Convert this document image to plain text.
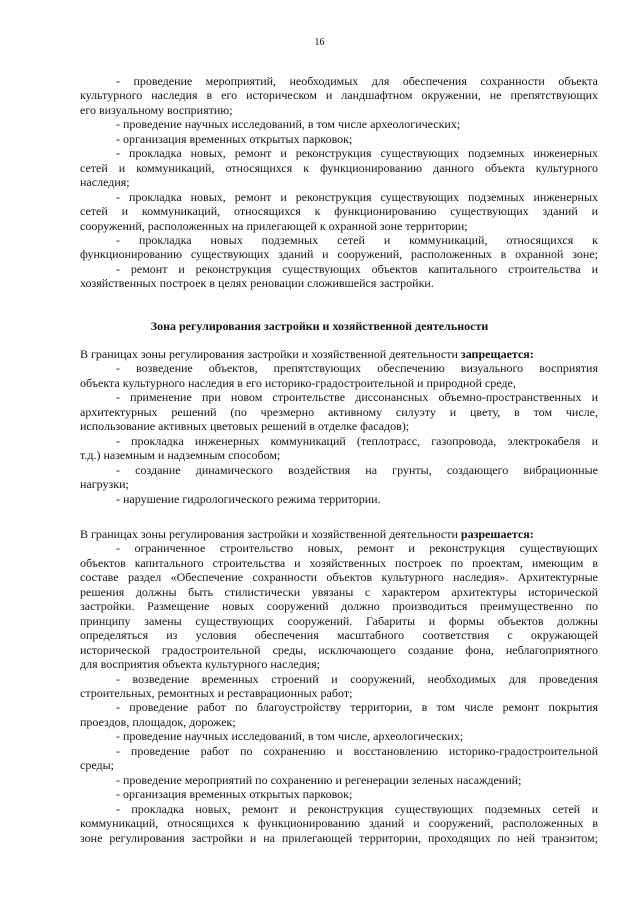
16
- проведение мероприятий, необходимых для обеспечения сохранности объекта
культурного наследия в его историческом и ландшафтном окружении, не препятствующих
его визуальному восприятию;
- проведение научных исследований, в том числе археологических;
- организация временных открытых парковок;
- прокладка новых, ремонт и реконструкция существующих подземных инженерных
сетей и коммуникаций, относящихся к функционированию данного объекта культурного
наследия;
- прокладка новых, ремонт и реконструкция существующих подземных инженерных
сетей и коммуникаций, относящихся к функционированию существующих зданий и
сооружений, расположенных на прилегающей к охранной зоне территории;
- прокладка новых подземных сетей и коммуникаций, относящихся к
функционированию существующих зданий и сооружений, расположенных в охранной зоне;
- ремонт и реконструкция существующих объектов капитального строительства и
хозяйственных построек в целях реновации сложившейся застройки.
Зона регулирования застройки и хозяйственной деятельности
В границах зоны регулирования застройки и хозяйственной деятельности запрещается:
- возведение объектов, препятствующих обеспечению визуального восприятия
объекта культурного наследия в его историко-градостроительной и природной среде,
- применение при новом строительстве диссонансных объемно-пространственных и
архитектурных решений (по чрезмерно активному силуэту и цвету, в том числе,
использование активных цветовых решений в отделке фасадов);
- прокладка инженерных коммуникаций (теплотрасс, газопровода, электрокабеля и
т.д.) наземным и надземным способом;
- создание динамического воздействия на грунты, создающего вибрационные
нагрузки;
- нарушение гидрологического режима территории.
В границах зоны регулирования застройки и хозяйственной деятельности разрешается:
- ограниченное строительство новых, ремонт и реконструкция существующих
объектов капитального строительства и хозяйственных построек по проектам, имеющим в
составе раздел «Обеспечение сохранности объектов культурного наследия». Архитектурные
решения должны быть стилистически увязаны с характером архитектуры исторической
застройки. Размещение новых сооружений должно производиться преимущественно по
принципу замены существующих сооружений. Габариты и формы объектов должны
определяться из условия обеспечения масштабного соответствия с окружающей
исторической градостроительной среды, исключающего создание фона, неблагоприятного
для восприятия объекта культурного наследия;
- возведение временных строений и сооружений, необходимых для проведения
строительных, ремонтных и реставрационных работ;
- проведение работ по благоустройству территории, в том числе ремонт покрытия
проездов, площадок, дорожек;
- проведение научных исследований, в том числе, археологических;
- проведение работ по сохранению и восстановлению историко-градостроительной
среды;
- проведение мероприятий по сохранению и регенерации зеленых насаждений;
- организация временных открытых парковок;
- прокладка новых, ремонт и реконструкция существующих подземных сетей и
коммуникаций, относящихся к функционированию зданий и сооружений, расположенных в
зоне регулирования застройки и на прилегающей территории, проходящих по ней транзитом;
